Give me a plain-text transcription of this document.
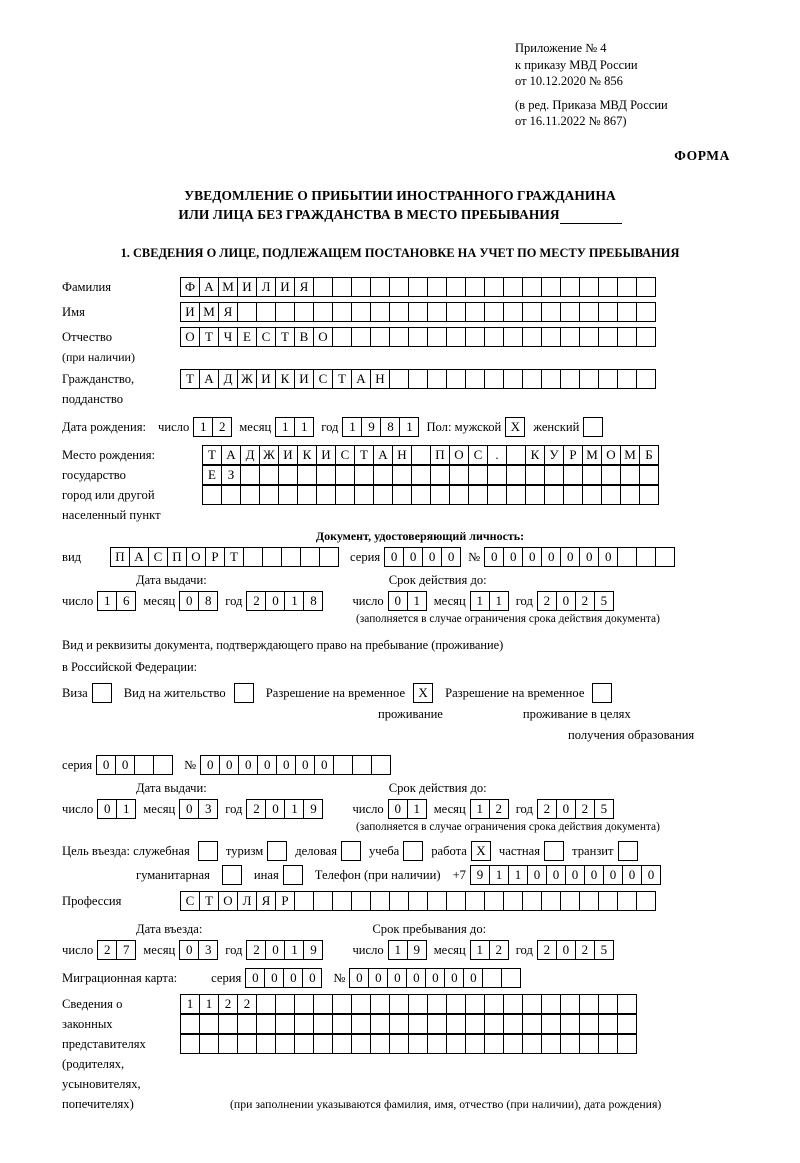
Приложение № 4
к приказу МВД России
от 10.12.2020 № 856
(в ред. Приказа МВД России
от 16.11.2022 № 867)
ФОРМА
УВЕДОМЛЕНИЕ О ПРИБЫТИИ ИНОСТРАННОГО ГРАЖДАНИНА
ИЛИ ЛИЦА БЕЗ ГРАЖДАНСТВА В МЕСТО ПРЕБЫВАНИЯ
1. СВЕДЕНИЯ О ЛИЦЕ, ПОДЛЕЖАЩЕМ ПОСТАНОВКЕ НА УЧЕТ ПО МЕСТУ ПРЕБЫВАНИЯ
Фамилия	Ф А М И Л И Я
Имя	И М Я
Отчество	О Т Ч Е С Т В О
(при наличии)
Гражданство,	Т А Д Ж И К И С Т А Н
подданство
Дата рождения: число 1 2	месяц 1 1	год 1 9 8 1	Пол: мужской X	женский
Место рождения:	Т А Д Ж И К И С Т А Н	П О С	.	К У Р М О М Б
государство	Е З
город или другой
населенный пункт
Документ, удостоверяющий личность:
вид	П А С П О Р Т	серия 0 0 0 0	№ 0 0 0 0 0 0 0
Дата выдачи:	Срок действия до:
число 1 6	месяц 0 8	год 2 0 1 8	число 0 1	месяц 1 1	год 2 0 2 5
(заполняется в случае ограничения срока действия документа)
Вид и реквизиты документа, подтверждающего право на пребывание (проживание)
в Российской Федерации:
Виза	Вид на жительство	Разрешение на временное	X	Разрешение на временное
проживание	проживание в целях
получения образования
серия 0 0	№ 0 0 0 0 0 0 0
Дата выдачи:	Срок действия до:
число 0 1	месяц 0 3	год 2 0 1 9	число 0 1	месяц 1 2	год 2 0 2 5
(заполняется в случае ограничения срока действия документа)
Цель въезда: служебная	туризм	деловая	учеба	работа X	частная	транзит
гуманитарная	иная	Телефон (при наличии) +7 9 1 1 0 0 0 0 0 0 0
Профессия	С Т О Л Я Р
Дата въезда:	Срок пребывания до:
число 2 7	месяц 0 3	год 2 0 1 9	число 1 9	месяц 1 2	год 2 0 2 5
Миграционная карта:	серия 0 0 0 0	№ 0 0 0 0 0 0 0
Сведения о	1 1 2 2
законных
представителях
(родителях,
усыновителях,
попечителях)	(при заполнении указываются фамилия, имя, отчество (при наличии), дата рождения)
